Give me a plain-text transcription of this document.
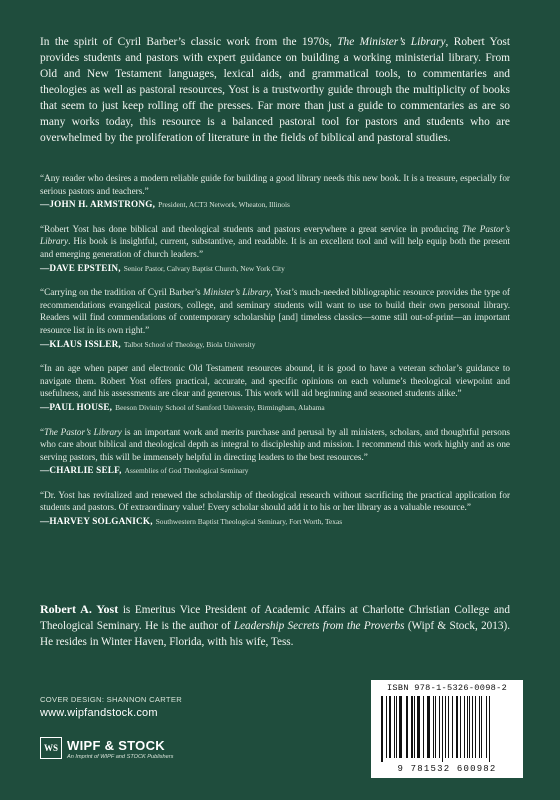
In the spirit of Cyril Barber’s classic work from the 1970s, The Minister’s Library, Robert Yost provides students and pastors with expert guidance on building a working ministerial library. From Old and New Testament languages, lexical aids, and grammatical tools, to commentaries and theologies as well as pastoral resources, Yost is a trustworthy guide through the multiplicity of books that seem to just keep rolling off the presses. Far more than just a guide to commentaries as are so many works today, this resource is a balanced pastoral tool for pastors and students who are overwhelmed by the proliferation of literature in the fields of biblical and pastoral studies.

“Any reader who desires a modern reliable guide for building a good library needs this new book. It is a treasure, especially for serious pastors and teachers.”
—JOHN H. ARMSTRONG, President, ACT3 Network, Wheaton, Illinois
“Robert Yost has done biblical and theological students and pastors everywhere a great service in producing The Pastor’s Library. His book is insightful, current, substantive, and readable. It is an excellent tool and will help equip both the present and emerging generation of church leaders.”
—DAVE EPSTEIN, Senior Pastor, Calvary Baptist Church, New York City
“Carrying on the tradition of Cyril Barber’s Minister’s Library, Yost’s much-needed bibliographic resource provides the type of recommendations evangelical pastors, college, and seminary students will want to use to build their own personal library. Readers will find commendations of contemporary scholarship [and] timeless classics—some still out-of-print—an important resource list in its own right.”
—KLAUS ISSLER, Talbot School of Theology, Biola University
“In an age when paper and electronic Old Testament resources abound, it is good to have a veteran scholar’s guidance to navigate them. Robert Yost offers practical, accurate, and specific opinions on each volume’s theological viewpoint and usefulness, and his assessments are clear and generous. This work will aid beginning and seasoned students alike.”
—PAUL HOUSE, Beeson Divinity School of Samford University, Birmingham, Alabama
“The Pastor’s Library is an important work and merits purchase and perusal by all ministers, scholars, and thoughtful persons who care about biblical and theological depth as integral to discipleship and mission. I recommend this work highly and as one serving pastors, this will be immensely helpful in directing leaders to the best resources.”
—CHARLIE SELF, Assemblies of God Theological Seminary
“Dr. Yost has revitalized and renewed the scholarship of theological research without sacrificing the practical application for students and pastors. Of extraordinary value! Every scholar should add it to his or her library as a valuable resource.”
—HARVEY SOLGANICK, Southwestern Baptist Theological Seminary, Fort Worth, Texas

Robert A. Yost is Emeritus Vice President of Academic Affairs at Charlotte Christian College and Theological Seminary. He is the author of Leadership Secrets from the Proverbs (Wipf & Stock, 2013). He resides in Winter Haven, Florida, with his wife, Tess.

COVER DESIGN: SHANNON CARTER
www.wipfandstock.com
WS WIPF & STOCK
An Imprint of WIPF and STOCK Publishers
ISBN 978-1-5326-0098-2
9 781532 600982
